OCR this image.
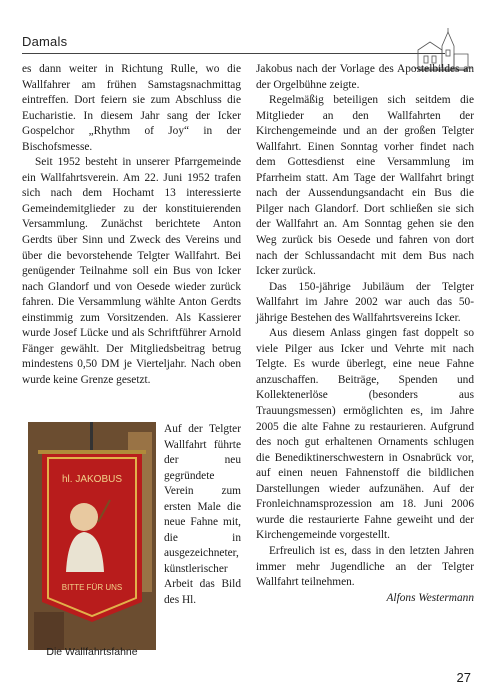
Damals

es dann weiter in Richtung Rulle, wo die Wallfahrer am frühen Samstagsnachmittag eintreffen. Dort feiern sie zum Abschluss die Eucharistie. In diesem Jahr sang der Icker Gospelchor „Rhythm of Joy“ in der Bischofsmesse.

Seit 1952 besteht in unserer Pfarrgemeinde ein Wallfahrtsverein. Am 22. Juni 1952 trafen sich nach dem Hochamt 13 interessierte Gemeindemitglieder zu der konstituierenden Versammlung. Zunächst berichtete Anton Gerdts über Sinn und Zweck des Vereins und über die bevorstehende Telgter Wallfahrt. Bei genügender Teilnahme soll ein Bus von Icker nach Glandorf und von Oesede wieder zurück fahren. Die Versammlung wählte Anton Gerdts einstimmig zum Vorsitzenden. Als Kassierer wurde Josef Lücke und als Schriftführer Arnold Fänger gewählt. Der Mitgliedsbeitrag betrug mindestens 0,50 DM je Vierteljahr. Nach oben wurde keine Grenze gesetzt.

hl. JAKOBUS
BITTE FÜR UNS

Auf der Telgter Wallfahrt führte der neu gegründete Verein zum ersten Male die neue Fahne mit, die in ausgezeichneter, künstlerischer Arbeit das Bild des Hl.

Die Wallfahrtsfahne

Jakobus nach der Vorlage des Apostelbildes an der Orgelbühne zeigte.

Regelmäßig beteiligen sich seitdem die Mitglieder an den Wallfahrten der Kirchengemeinde und an der großen Telgter Wallfahrt. Einen Sonntag vorher findet nach dem Gottesdienst eine Versammlung im Pfarrheim statt. Am Tage der Wallfahrt bringt nach der Aussendungsandacht ein Bus die Pilger nach Glandorf. Dort schließen sie sich der Wallfahrt an. Am Sonntag gehen sie den Weg zurück bis Oesede und fahren von dort nach der Schlussandacht mit dem Bus nach Icker zurück.

Das 150-jährige Jubiläum der Telgter Wallfahrt im Jahre 2002 war auch das 50-jährige Bestehen des Wallfahrtsvereins Icker.

Aus diesem Anlass gingen fast doppelt so viele Pilger aus Icker und Vehrte mit nach Telgte. Es wurde überlegt, eine neue Fahne anzuschaffen. Beiträge, Spenden und Kollektenerlöse (besonders aus Trauungsmessen) ermöglichten es, im Jahre 2005 die alte Fahne zu restaurieren. Aufgrund des noch gut erhaltenen Ornaments schlugen die Benediktinerschwestern in Osnabrück vor, auf einen neuen Fahnenstoff die bildlichen Darstellungen wieder aufzunähen. Auf der Fronleichnamsprozession am 18. Juni 2006 wurde die restaurierte Fahne geweiht und der Kirchengemeinde vorgestellt.

Erfreulich ist es, dass in den letzten Jahren immer mehr Jugendliche an der Telgter Wallfahrt teilnehmen.

Alfons Westermann

27
